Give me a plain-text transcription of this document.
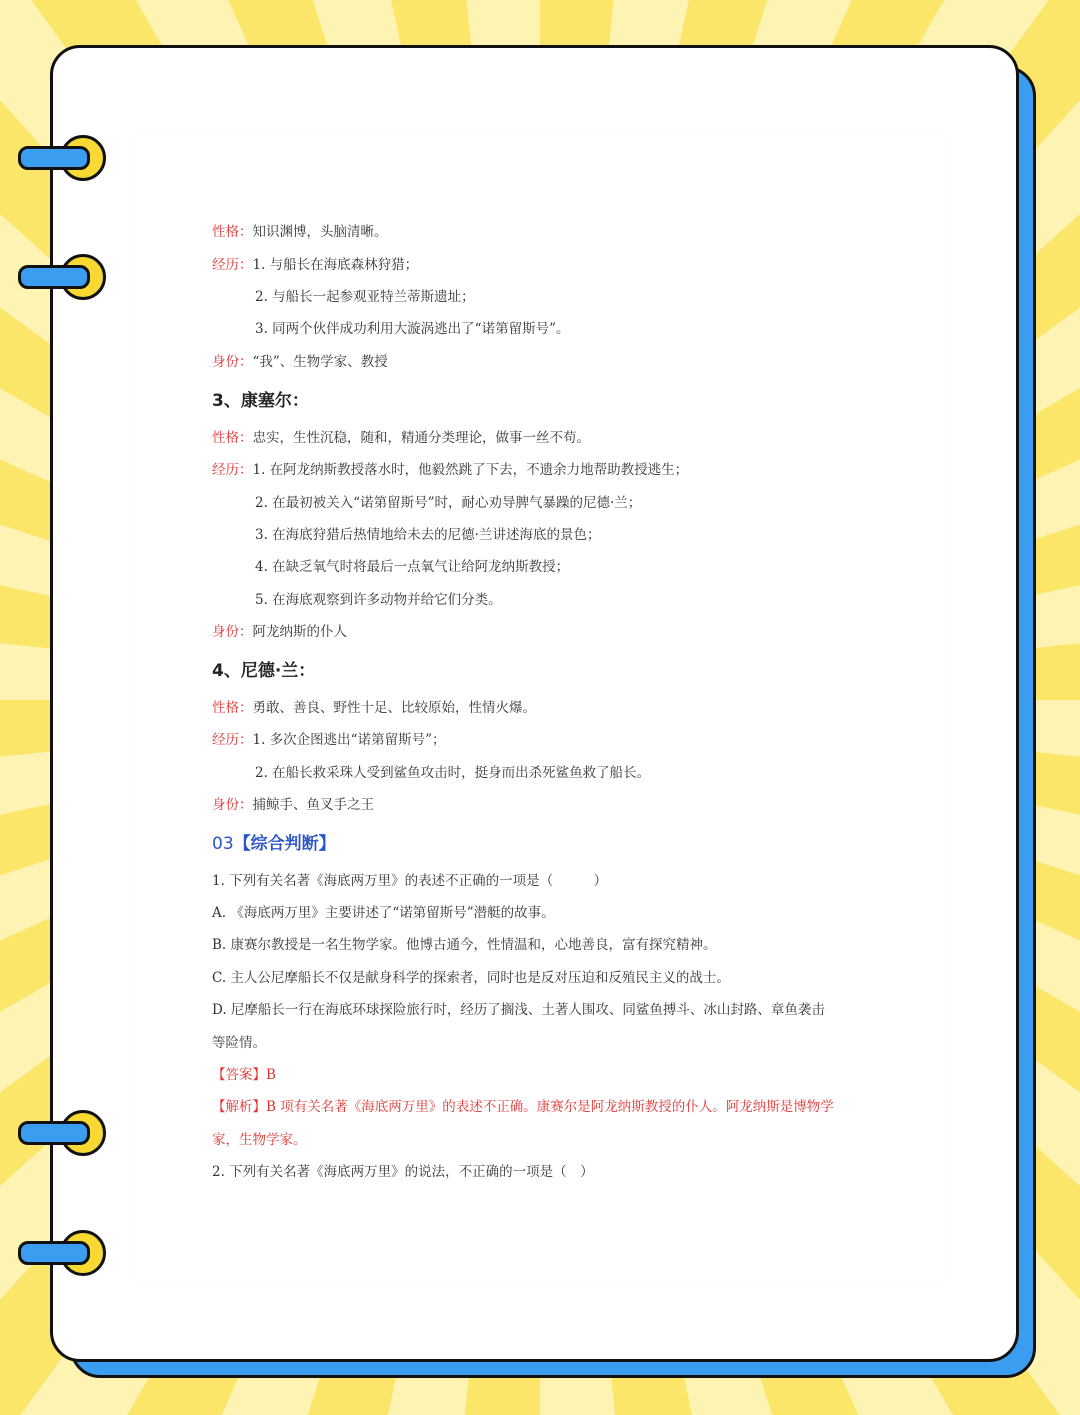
性格：知识渊博，头脑清晰。
经历：1. 与船长在海底森林狩猎；
2. 与船长一起参观亚特兰蒂斯遗址；
3. 同两个伙伴成功利用大漩涡逃出了“诺第留斯号”。
身份：“我”、生物学家、教授
3、康塞尔：
性格：忠实，生性沉稳，随和，精通分类理论，做事一丝不苟。
经历：1. 在阿龙纳斯教授落水时，他毅然跳了下去，不遗余力地帮助教授逃生；
2. 在最初被关入“诺第留斯号”时，耐心劝导脾气暴躁的尼德·兰；
3. 在海底狩猎后热情地给未去的尼德·兰讲述海底的景色；
4. 在缺乏氧气时将最后一点氧气让给阿龙纳斯教授；
5. 在海底观察到许多动物并给它们分类。
身份：阿龙纳斯的仆人
4、尼德·兰：
性格：勇敢、善良、野性十足、比较原始，性情火爆。
经历：1. 多次企图逃出“诺第留斯号”；
2. 在船长救采珠人受到鲨鱼攻击时，挺身而出杀死鲨鱼救了船长。
身份：捕鲸手、鱼叉手之王
03【综合判断】
1. 下列有关名著《海底两万里》的表述不正确的一项是（　　　）
A. 《海底两万里》主要讲述了“诺第留斯号”潜艇的故事。
B. 康赛尔教授是一名生物学家。他博古通今，性情温和，心地善良，富有探究精神。
C. 主人公尼摩船长不仅是献身科学的探索者，同时也是反对压迫和反殖民主义的战士。
D. 尼摩船长一行在海底环球探险旅行时，经历了搁浅、土著人围攻、同鲨鱼搏斗、冰山封路、章鱼袭击
等险情。
【答案】B
【解析】B 项有关名著《海底两万里》的表述不正确。康赛尔是阿龙纳斯教授的仆人。阿龙纳斯是博物学
家，生物学家。
2. 下列有关名著《海底两万里》的说法，不正确的一项是（　）
